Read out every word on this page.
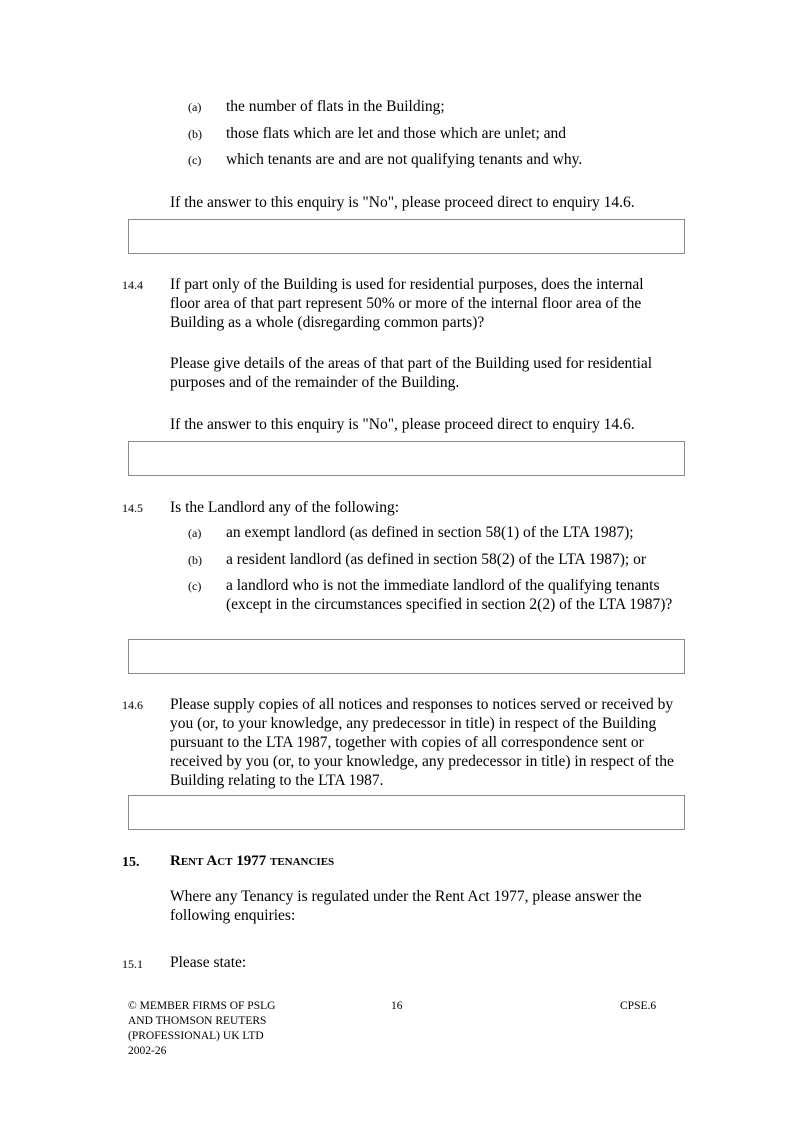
(a) the number of flats in the Building;
(b) those flats which are let and those which are unlet; and
(c) which tenants are and are not qualifying tenants and why.
If the answer to this enquiry is "No", please proceed direct to enquiry 14.6.
14.4 If part only of the Building is used for residential purposes, does the internal floor area of that part represent 50% or more of the internal floor area of the Building as a whole (disregarding common parts)?
Please give details of the areas of that part of the Building used for residential purposes and of the remainder of the Building.
If the answer to this enquiry is "No", please proceed direct to enquiry 14.6.
14.5 Is the Landlord any of the following:
(a) an exempt landlord (as defined in section 58(1) of the LTA 1987);
(b) a resident landlord (as defined in section 58(2) of the LTA 1987); or
(c) a landlord who is not the immediate landlord of the qualifying tenants (except in the circumstances specified in section 2(2) of the LTA 1987)?
14.6 Please supply copies of all notices and responses to notices served or received by you (or, to your knowledge, any predecessor in title) in respect of the Building pursuant to the LTA 1987, together with copies of all correspondence sent or received by you (or, to your knowledge, any predecessor in title) in respect of the Building relating to the LTA 1987.
15. Rent Act 1977 tenancies
Where any Tenancy is regulated under the Rent Act 1977, please answer the following enquiries:
15.1 Please state:
© MEMBER FIRMS OF PSLG AND THOMSON REUTERS (PROFESSIONAL) UK LTD 2002-26
16	CPSE.6
